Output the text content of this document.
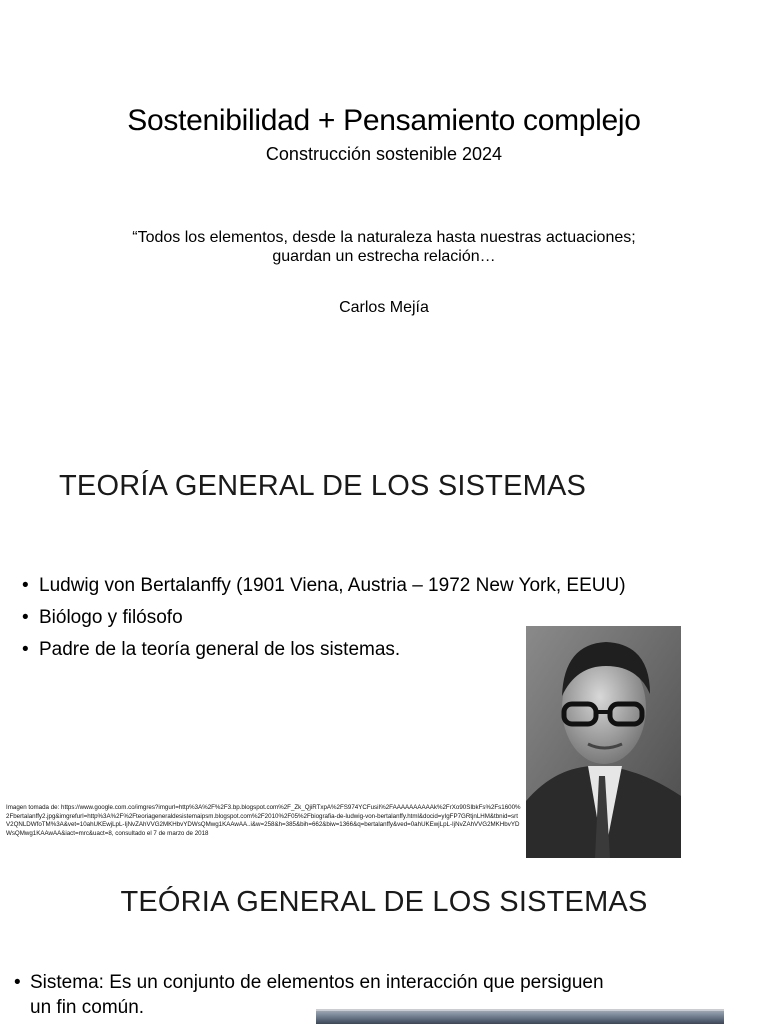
Sostenibilidad + Pensamiento complejo
Construcción sostenible 2024
“Todos los elementos, desde la naturaleza hasta nuestras actuaciones;
guardan un estrecha relación…
Carlos Mejía
TEORÍA GENERAL DE LOS SISTEMAS
• Ludwig von Bertalanffy (1901 Viena, Austria – 1972 New York, EEUU)
• Biólogo y filósofo
• Padre de la teoría general de los sistemas.
Imagen tomada de: https://www.google.com.co/imgres?imgurl=http%3A%2F%2F3.bp.blogspot.com%2F_Zk_QjiRTxpA%2FS974YCFusiI%2FAAAAAAAAAAk%2FrXo90SIbkFs%2Fs1600%2Fbertalanffy2.jpg&imgrefurl=http%3A%2F%2Fteoriageneraldesistemaipsm.blogspot.com%2F2010%2F05%2Fbiografia-de-ludwig-von-bertalanffy.html&docid=yIgFP7GRtjnLHM&tbnid=srtV2QNLDWfoTM%3A&vet=10ahUKEwjLpL-IjNvZAhVVG2MKHbvYDWsQMwg1KAAwAA..i&w=258&h=385&bih=662&biw=1366&q=bertalanffy&ved=0ahUKEwjLpL-IjNvZAhVVG2MKHbvYDWsQMwg1KAAwAA&iact=mrc&uact=8, consultado el 7 de marzo de 2018
TEÓRIA GENERAL DE LOS SISTEMAS
• Sistema: Es un conjunto de elementos en interacción que persiguen
un fin común.
